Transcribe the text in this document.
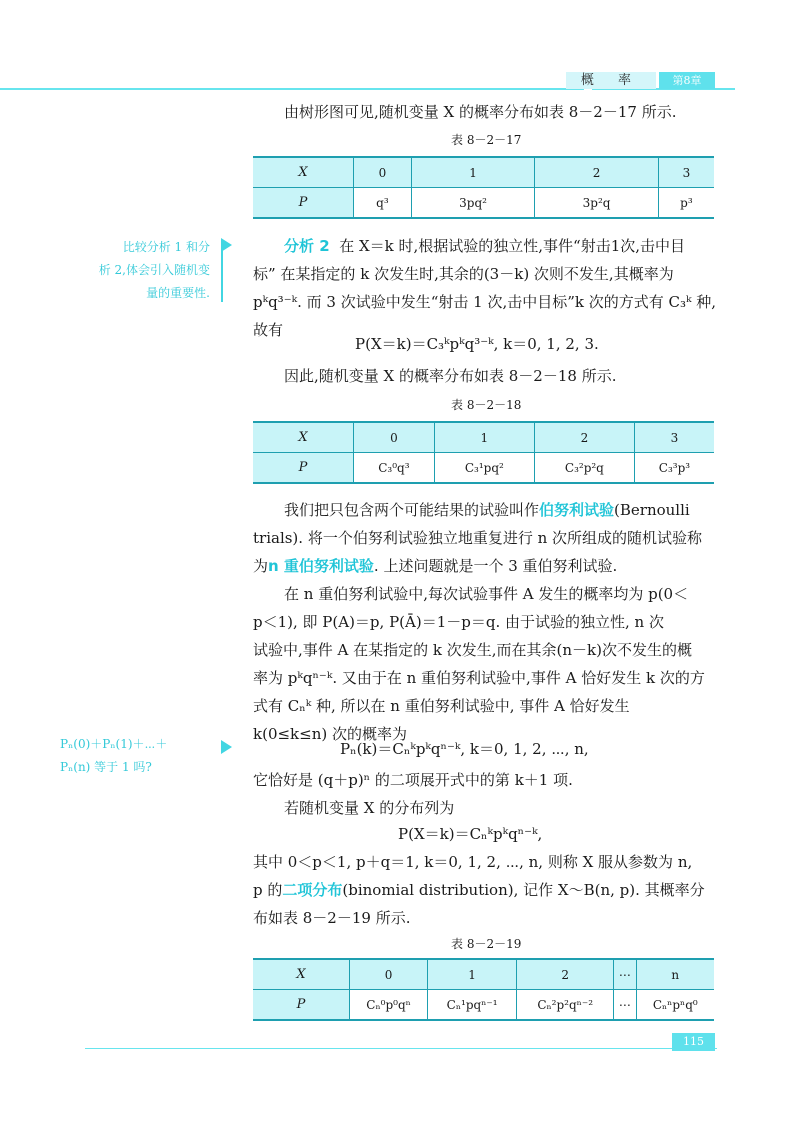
概 率	第8章
由树形图可见,随机变量 X 的概率分布如表 8－2－17 所示.
表 8－2－17
X	0	1	2	3
P	q³	3pq²	3p²q	p³
比较分析 1 和分
析 2,体会引入随机变
量的重要性.
分析 2 在 X＝k 时,根据试验的独立性,事件“射击1次,击中目
标” 在某指定的 k 次发生时,其余的(3－k) 次则不发生,其概率为
pᵏq³⁻ᵏ. 而 3 次试验中发生“射击 1 次,击中目标”k 次的方式有 C₃ᵏ 种,
故有
P(X＝k)＝C₃ᵏpᵏq³⁻ᵏ, k＝0, 1, 2, 3.
因此,随机变量 X 的概率分布如表 8－2－18 所示.
表 8－2－18
X	0	1	2	3
P	C₃⁰q³	C₃¹pq²	C₃²p²q	C₃³p³
我们把只包含两个可能结果的试验叫作伯努利试验(Bernoulli
trials). 将一个伯努利试验独立地重复进行 n 次所组成的随机试验称
为n 重伯努利试验. 上述问题就是一个 3 重伯努利试验.
在 n 重伯努利试验中,每次试验事件 A 发生的概率均为 p(0＜
p＜1), 即 P(A)＝p, P(Ā)＝1－p＝q. 由于试验的独立性, n 次
试验中,事件 A 在某指定的 k 次发生,而在其余(n－k)次不发生的概
率为 pᵏqⁿ⁻ᵏ. 又由于在 n 重伯努利试验中,事件 A 恰好发生 k 次的方
式有 Cₙᵏ 种, 所以在 n 重伯努利试验中, 事件 A 恰好发生
k(0≤k≤n) 次的概率为
Pₙ(0)＋Pₙ(1)＋⋯＋
Pₙ(n) 等于 1 吗?
Pₙ(k)＝Cₙᵏpᵏqⁿ⁻ᵏ, k＝0, 1, 2, ⋯, n,
它恰好是 (q＋p)ⁿ 的二项展开式中的第 k＋1 项.
若随机变量 X 的分布列为
P(X＝k)＝Cₙᵏpᵏqⁿ⁻ᵏ,
其中 0＜p＜1, p＋q＝1, k＝0, 1, 2, ⋯, n, 则称 X 服从参数为 n,
p 的二项分布(binomial distribution), 记作 X～B(n, p). 其概率分
布如表 8－2－19 所示.
表 8－2－19
X	0	1	2	⋯	n
P	Cₙ⁰p⁰qⁿ	Cₙ¹pqⁿ⁻¹	Cₙ²p²qⁿ⁻²	⋯	Cₙⁿpⁿq⁰
115
